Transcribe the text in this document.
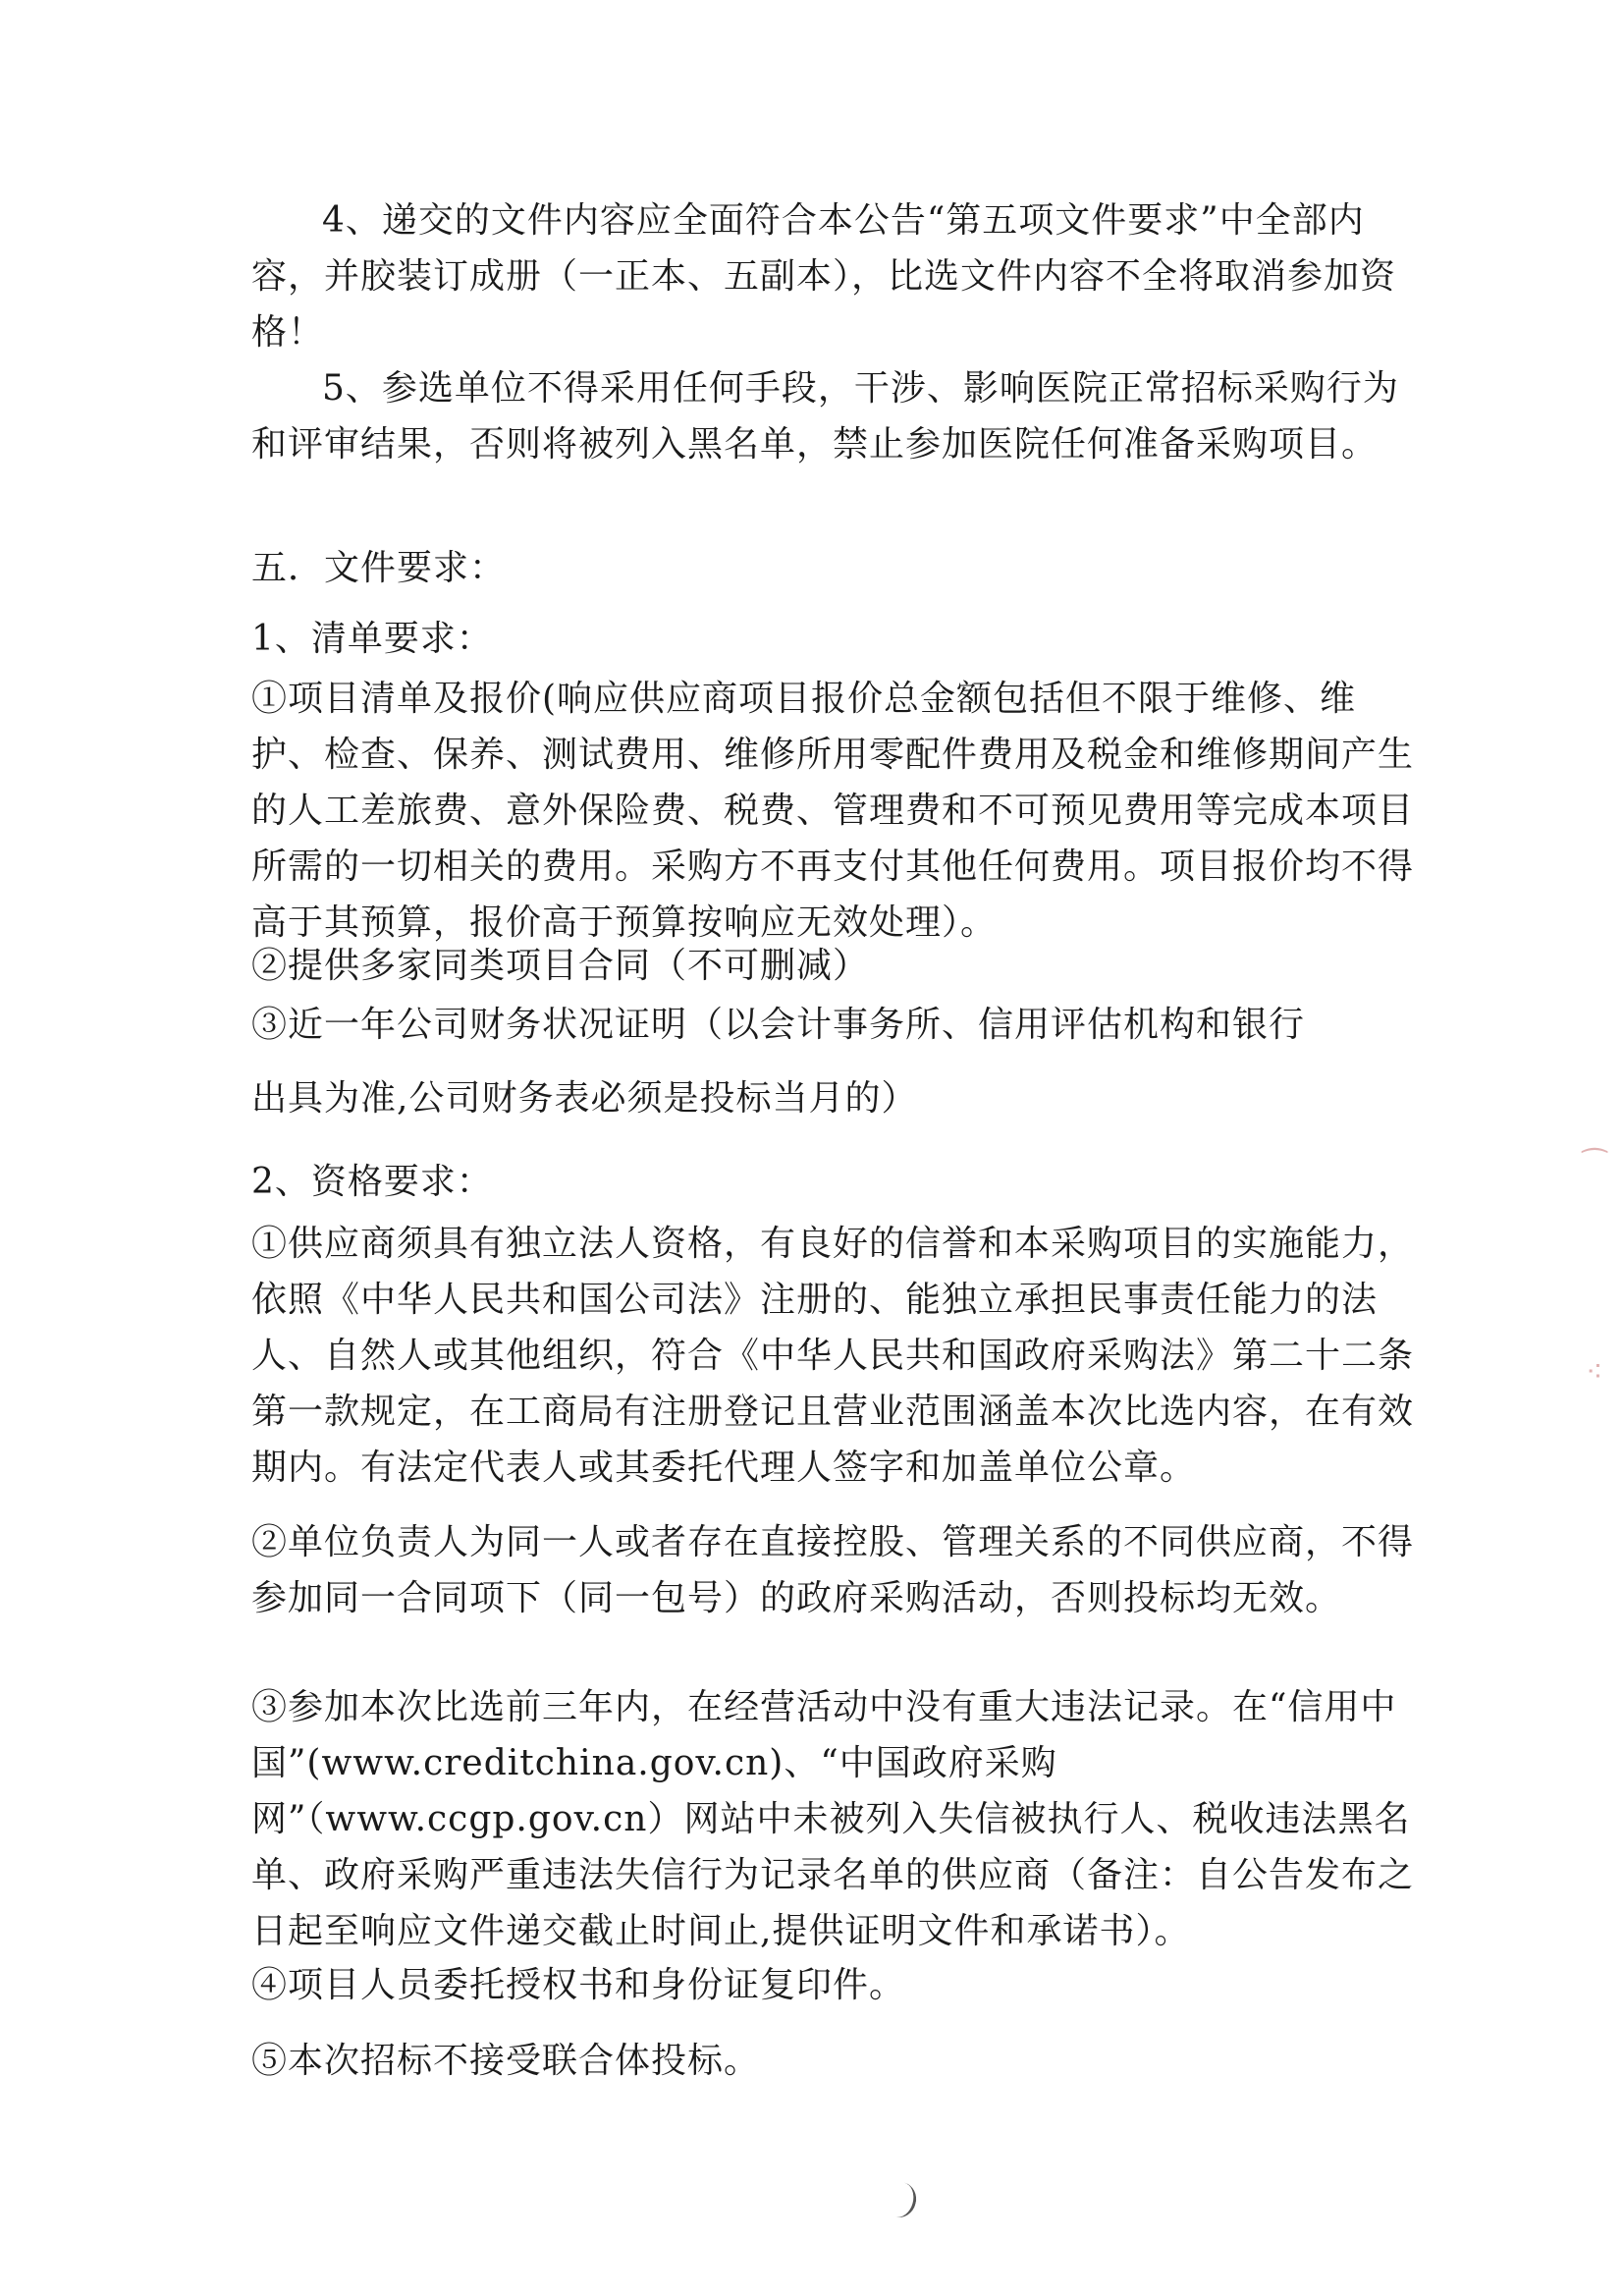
4、递交的文件内容应全面符合本公告“第五项文件要求”中全部内容，并胶装订成册（一正本、五副本），比选文件内容不全将取消参加资格！

5、参选单位不得采用任何手段，干涉、影响医院正常招标采购行为和评审结果，否则将被列入黑名单，禁止参加医院任何准备采购项目。

五．文件要求：

1、清单要求：

①项目清单及报价(响应供应商项目报价总金额包括但不限于维修、维护、检查、保养、测试费用、维修所用零配件费用及税金和维修期间产生的人工差旅费、意外保险费、税费、管理费和不可预见费用等完成本项目所需的一切相关的费用。采购方不再支付其他任何费用。项目报价均不得高于其预算，报价高于预算按响应无效处理）。

②提供多家同类项目合同（不可删减）

③近一年公司财务状况证明（以会计事务所、信用评估机构和银行

出具为准,公司财务表必须是投标当月的）

2、资格要求：

①供应商须具有独立法人资格，有良好的信誉和本采购项目的实施能力，依照《中华人民共和国公司法》注册的、能独立承担民事责任能力的法人、自然人或其他组织，符合《中华人民共和国政府采购法》第二十二条第一款规定，在工商局有注册登记且营业范围涵盖本次比选内容，在有效期内。有法定代表人或其委托代理人签字和加盖单位公章。

②单位负责人为同一人或者存在直接控股、管理关系的不同供应商，不得参加同一合同项下（同一包号）的政府采购活动，否则投标均无效。

③参加本次比选前三年内，在经营活动中没有重大违法记录。在“信用中国”(www.creditchina.gov.cn)、“中国政府采购网”（www.ccgp.gov.cn）网站中未被列入失信被执行人、税收违法黑名单、政府采购严重违法失信行为记录名单的供应商（备注：自公告发布之日起至响应文件递交截止时间止,提供证明文件和承诺书）。

④项目人员委托授权书和身份证复印件。

⑤本次招标不接受联合体投标。

⁀
⁖
